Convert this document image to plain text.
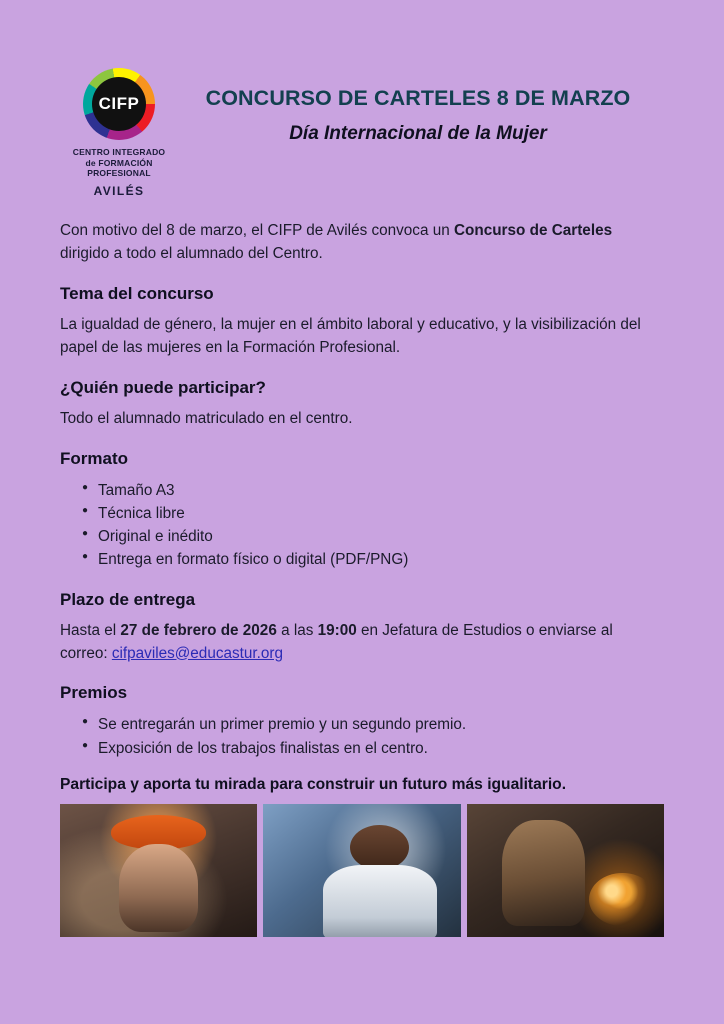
CIFP
CENTRO INTEGRADO
de FORMACIÓN PROFESIONAL
AVILÉS
CONCURSO DE CARTELES 8 DE MARZO
Día Internacional de la Mujer

Con motivo del 8 de marzo, el CIFP de Avilés convoca un Concurso de Carteles dirigido a todo el alumnado del Centro.

Tema del concurso

La igualdad de género, la mujer en el ámbito laboral y educativo, y la visibilización del papel de las mujeres en la Formación Profesional.

¿Quién puede participar?

Todo el alumnado matriculado en el centro.

Formato
● Tamaño A3
● Técnica libre
● Original e inédito
● Entrega en formato físico o digital (PDF/PNG)
Plazo de entrega

Hasta el 27 de febrero de 2026 a las 19:00 en Jefatura de Estudios o enviarse al correo: cifpaviles@educastur.org

Premios
● Se entregarán un primer premio y un segundo premio.
● Exposición de los trabajos finalistas en el centro.

Participa y aporta tu mirada para construir un futuro más igualitario.
